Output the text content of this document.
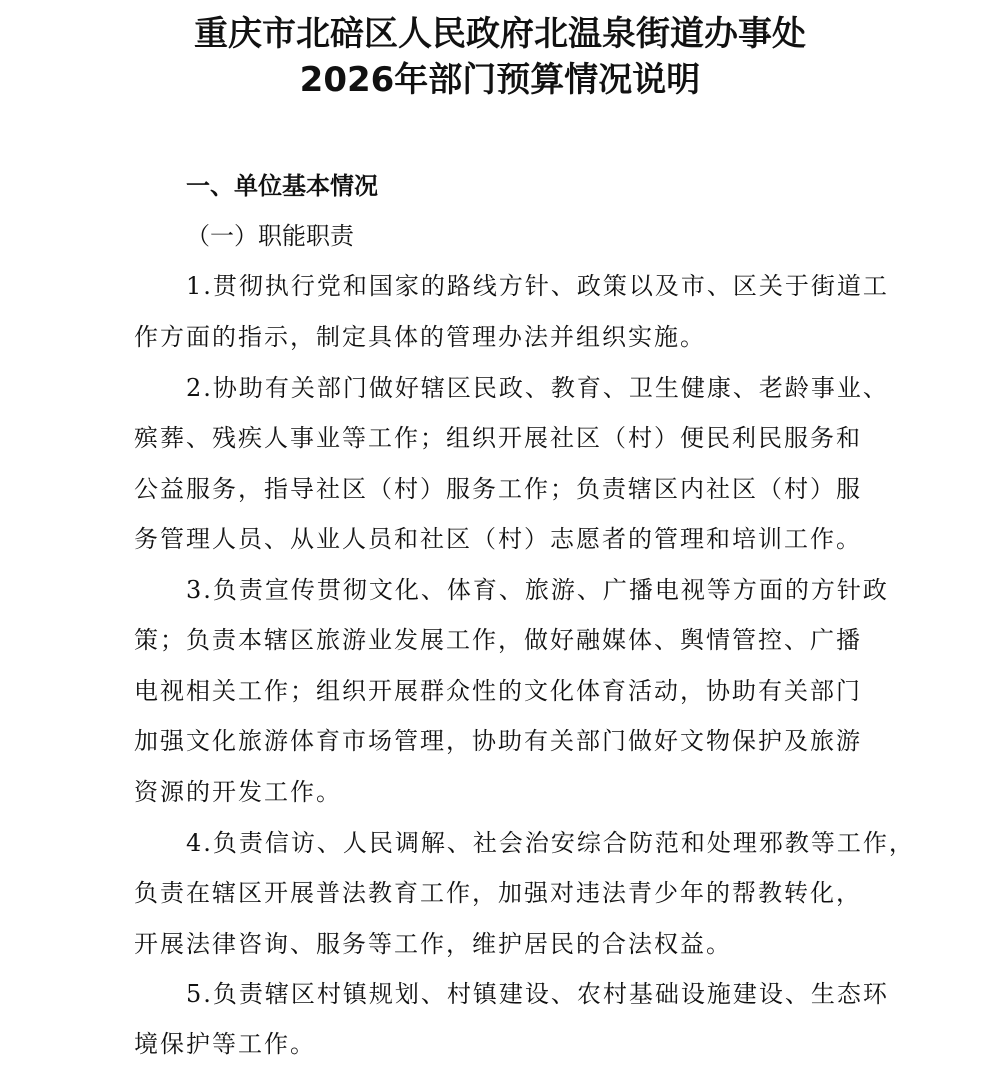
重庆市北碚区人民政府北温泉街道办事处
2026年部门预算情况说明
一、单位基本情况
（一）职能职责
1.贯彻执行党和国家的路线方针、政策以及市、区关于街道工
作方面的指示，制定具体的管理办法并组织实施。
2.协助有关部门做好辖区民政、教育、卫生健康、老龄事业、
殡葬、残疾人事业等工作；组织开展社区（村）便民利民服务和
公益服务，指导社区（村）服务工作；负责辖区内社区（村）服
务管理人员、从业人员和社区（村）志愿者的管理和培训工作。
3.负责宣传贯彻文化、体育、旅游、广播电视等方面的方针政
策；负责本辖区旅游业发展工作，做好融媒体、舆情管控、广播
电视相关工作；组织开展群众性的文化体育活动，协助有关部门
加强文化旅游体育市场管理，协助有关部门做好文物保护及旅游
资源的开发工作。
4.负责信访、人民调解、社会治安综合防范和处理邪教等工作，
负责在辖区开展普法教育工作，加强对违法青少年的帮教转化，
开展法律咨询、服务等工作，维护居民的合法权益。
5.负责辖区村镇规划、村镇建设、农村基础设施建设、生态环
境保护等工作。
